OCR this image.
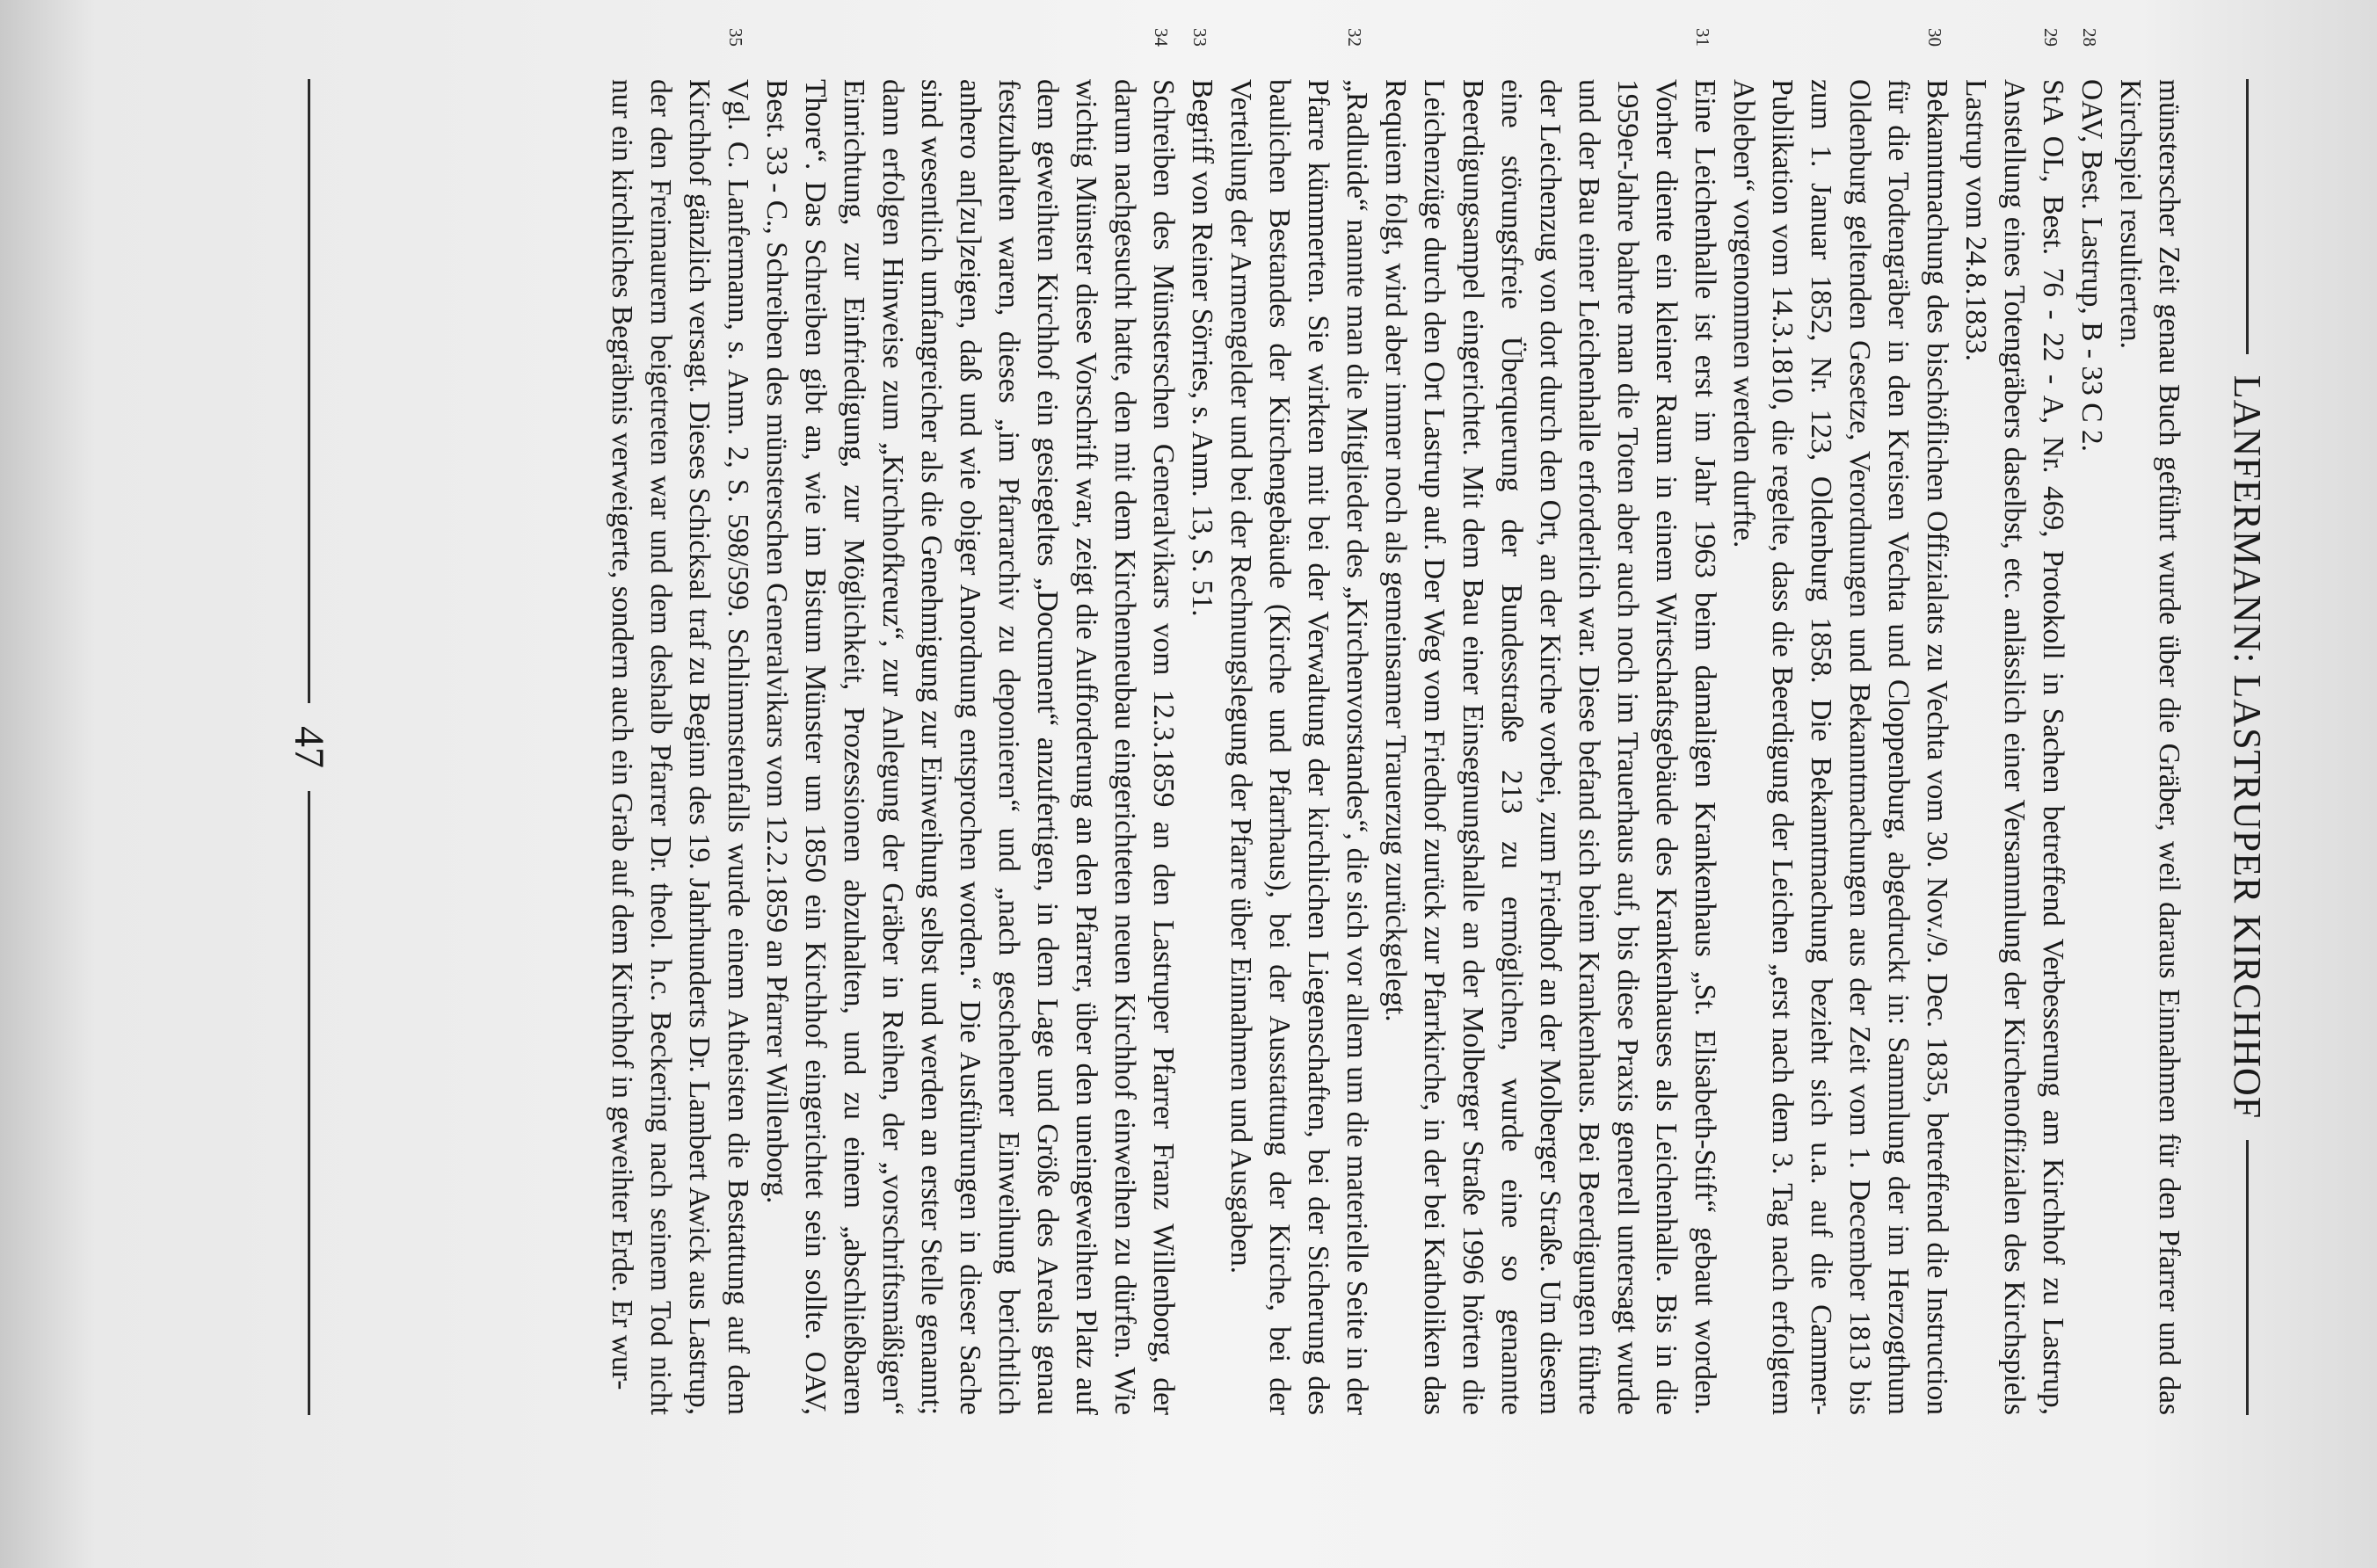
LANFERMANN: LASTRUPER KIRCHHOF

münsterscher Zeit genau Buch geführt wurde über die Gräber, weil daraus Einnahmen für den Pfarrer und das Kirchspiel resultierten.

28
OAV, Best. Lastrup, B - 33 C 2.

29
StA OL, Best. 76 - 22 - A, Nr. 469, Protokoll in Sachen betreffend Verbesserung am Kirchhof zu Lastrup, Anstellung eines Totengräbers daselbst, etc. anlässlich einer Versammlung der Kirchenoffizialen des Kirchspiels Lastrup vom 24.8.1833.

30
Bekanntmachung des bischöflichen Offizialats zu Vechta vom 30. Nov./9. Dec. 1835, betreffend die Instruction für die Todtengräber in den Kreisen Vechta und Cloppenburg, abgedruckt in: Sammlung der im Herzogthum Oldenburg geltenden Gesetze, Verordnungen und Bekanntmachungen aus der Zeit vom 1. December 1813 bis zum 1. Januar 1852, Nr. 123, Oldenburg 1858. Die Bekanntmachung bezieht sich u.a. auf die Cammer-Publikation vom 14.3.1810, die regelte, dass die Beerdigung der Leichen „erst nach dem 3. Tag nach erfolgtem Ableben“ vorgenommen werden durfte.

31
Eine Leichenhalle ist erst im Jahr 1963 beim damaligen Krankenhaus „St. Elisabeth-Stift“ gebaut worden. Vorher diente ein kleiner Raum in einem Wirtschaftsgebäude des Krankenhauses als Leichenhalle. Bis in die 1959er-Jahre bahrte man die Toten aber auch noch im Trauerhaus auf, bis diese Praxis generell untersagt wurde und der Bau einer Leichenhalle erforderlich war. Diese befand sich beim Krankenhaus. Bei Beerdigungen führte der Leichenzug von dort durch den Ort, an der Kirche vorbei, zum Friedhof an der Molberger Straße. Um diesem eine störungsfreie Überquerung der Bundesstraße 213 zu ermöglichen, wurde eine so genannte Beerdigungsampel eingerichtet. Mit dem Bau einer Einsegnungshalle an der Molberger Straße 1996 hörten die Leichenzüge durch den Ort Lastrup auf. Der Weg vom Friedhof zurück zur Pfarrkirche, in der bei Katholiken das Requiem folgt, wird aber immer noch als gemeinsamer Trauerzug zurückgelegt.

32
„Radluide“ nannte man die Mitglieder des „Kirchenvorstandes“, die sich vor allem um die materielle Seite in der Pfarre kümmerten. Sie wirkten mit bei der Verwaltung der kirchlichen Liegenschaften, bei der Sicherung des baulichen Bestandes der Kirchengebäude (Kirche und Pfarrhaus), bei der Ausstattung der Kirche, bei der Verteilung der Armengelder und bei der Rechnungslegung der Pfarre über Einnahmen und Ausgaben.

33
Begriff von Reiner Sörries, s. Anm. 13, S. 51.

34
Schreiben des Münsterschen Generalvikars vom 12.3.1859 an den Lastruper Pfarrer Franz Willenborg, der darum nachgesucht hatte, den mit dem Kirchenneubau eingerichteten neuen Kirchhof einweihen zu dürfen. Wie wichtig Münster diese Vorschrift war, zeigt die Aufforderung an den Pfarrer, über den uneingeweihten Platz auf dem geweihten Kirchhof ein gesiegeltes „Document“ anzufertigen, in dem Lage und Größe des Areals genau festzuhalten waren, dieses „im Pfarrarchiv zu deponieren“ und „nach geschehener Einweihung berichtlich anhero an[zu]zeigen, daß und wie obiger Anordnung entsprochen worden.“ Die Ausführungen in dieser Sache sind wesentlich umfangreicher als die Genehmigung zur Einweihung selbst und werden an erster Stelle genannt; dann erfolgen Hinweise zum „Kirchhofkreuz“, zur Anlegung der Gräber in Reihen, der „vorschriftsmäßigen“ Einrichtung, zur Einfriedigung, zur Möglichkeit, Prozessionen abzuhalten, und zu einem „abschließbaren Thore“. Das Schreiben gibt an, wie im Bistum Münster um 1850 ein Kirchhof eingerichtet sein sollte. OAV, Best. 33 - C., Schreiben des münsterschen Generalvikars vom 12.2.1859 an Pfarrer Willenborg.

35
Vgl. C. Lanfermann, s. Anm. 2, S. 598/599. Schlimmstenfalls wurde einem Atheisten die Bestattung auf dem Kirchhof gänzlich versagt. Dieses Schicksal traf zu Beginn des 19. Jahrhunderts Dr. Lambert Awick aus Lastrup, der den Freimaurern beigetreten war und dem deshalb Pfarrer Dr. theol. h.c. Beckering nach seinem Tod nicht nur ein kirchliches Begräbnis verweigerte, sondern auch ein Grab auf dem Kirchhof in geweihter Erde. Er wur-

47
